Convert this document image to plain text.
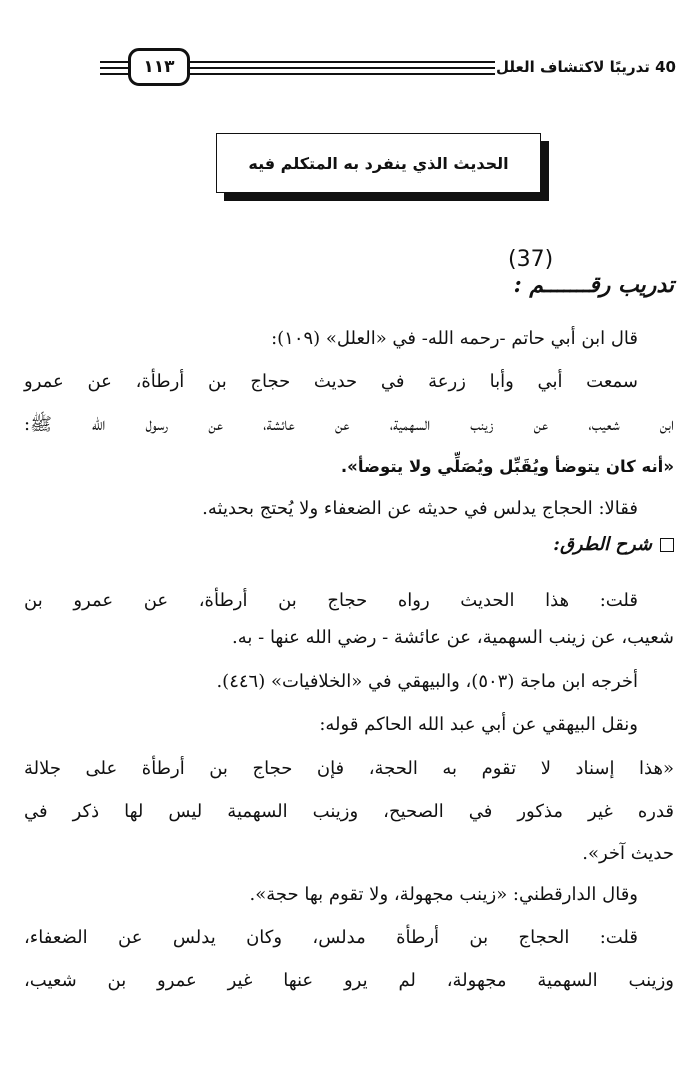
40 تدريبًا لاكتشاف العلل
١١٣
الحديث الذي ينفرد به المتكلم فيه
(37)
تدريب رقـــــــم :
قال ابن أبي حاتم -رحمه الله- في «العلل» (١٠٩):
سمعت أبي وأبا زرعة في حديث حجاج بن أرطأة، عن عمرو
ابن شعيب، عن زينب السهمية، عن عائشة، عن رسول الله ﷺ:
«أنه كان يتوضأ ويُقَبِّل ويُصَلِّي ولا يتوضأ».
فقالا: الحجاج يدلس في حديثه عن الضعفاء ولا يُحتج بحديثه.
شرح الطرق:
قلت: هذا الحديث رواه حجاج بن أرطأة، عن عمرو بن
شعيب، عن زينب السهمية، عن عائشة - رضي الله عنها - به.
أخرجه ابن ماجة (٥٠٣)، والبيهقي في «الخلافيات» (٤٤٦).
ونقل البيهقي عن أبي عبد الله الحاكم قوله:
«هذا إسناد لا تقوم به الحجة، فإن حجاج بن أرطأة على جلالة
قدره غير مذكور في الصحيح، وزينب السهمية ليس لها ذكر في
حديث آخر».
وقال الدارقطني: «زينب مجهولة، ولا تقوم بها حجة».
قلت: الحجاج بن أرطأة مدلس، وكان يدلس عن الضعفاء،
وزينب السهمية مجهولة، لم يرو عنها غير عمرو بن شعيب،
